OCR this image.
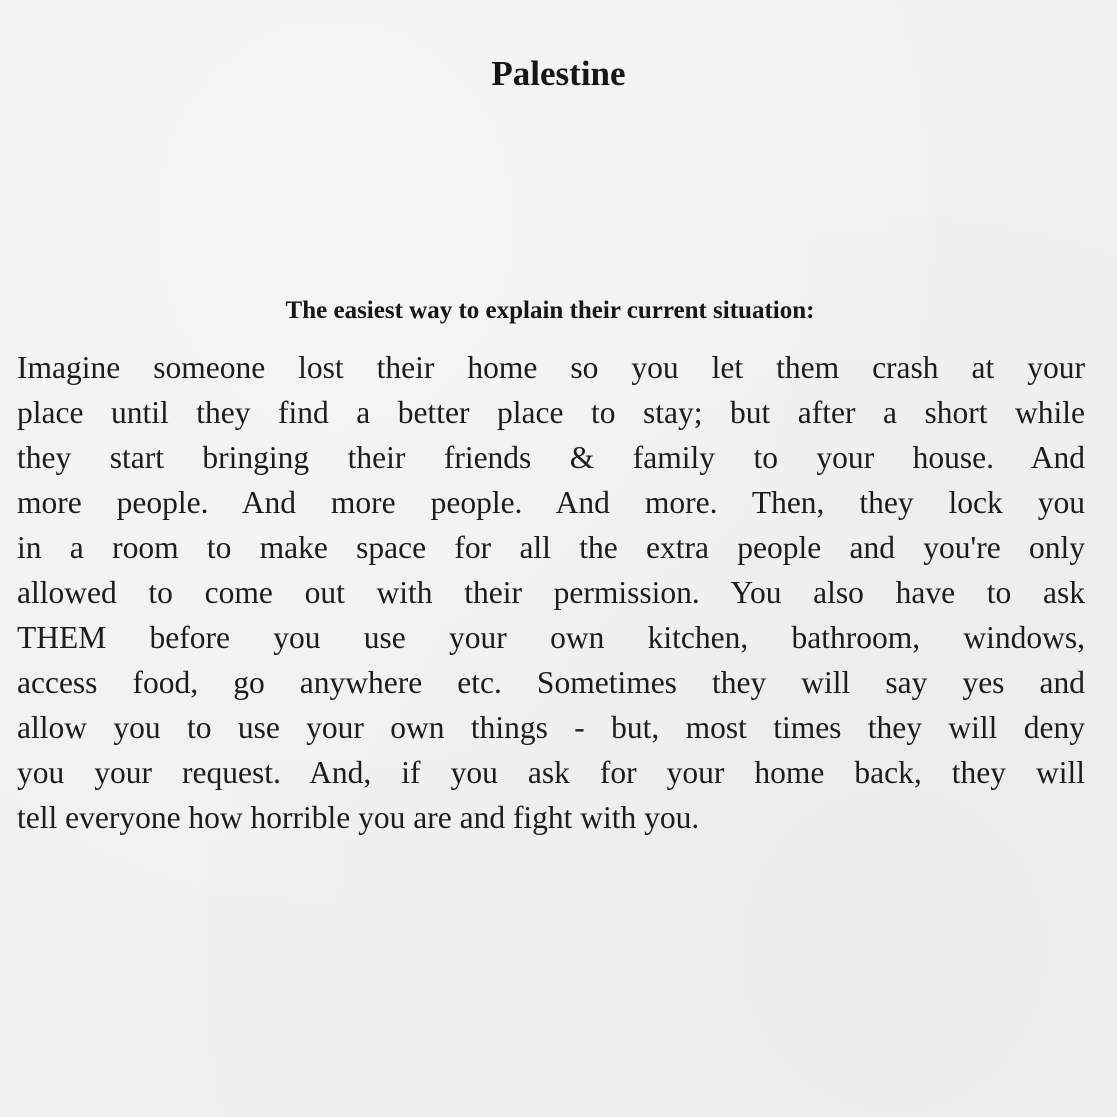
Palestine
The easiest way to explain their current situation:
Imagine someone lost their home so you let them crash at your
place until they find a better place to stay; but after a short while
they start bringing their friends & family to your house. And
more people. And more people. And more. Then, they lock you
in a room to make space for all the extra people and you're only
allowed to come out with their permission. You also have to ask
THEM before you use your own kitchen, bathroom, windows,
access food, go anywhere etc. Sometimes they will say yes and
allow you to use your own things - but, most times they will deny
you your request. And, if you ask for your home back, they will
tell everyone how horrible you are and fight with you.
